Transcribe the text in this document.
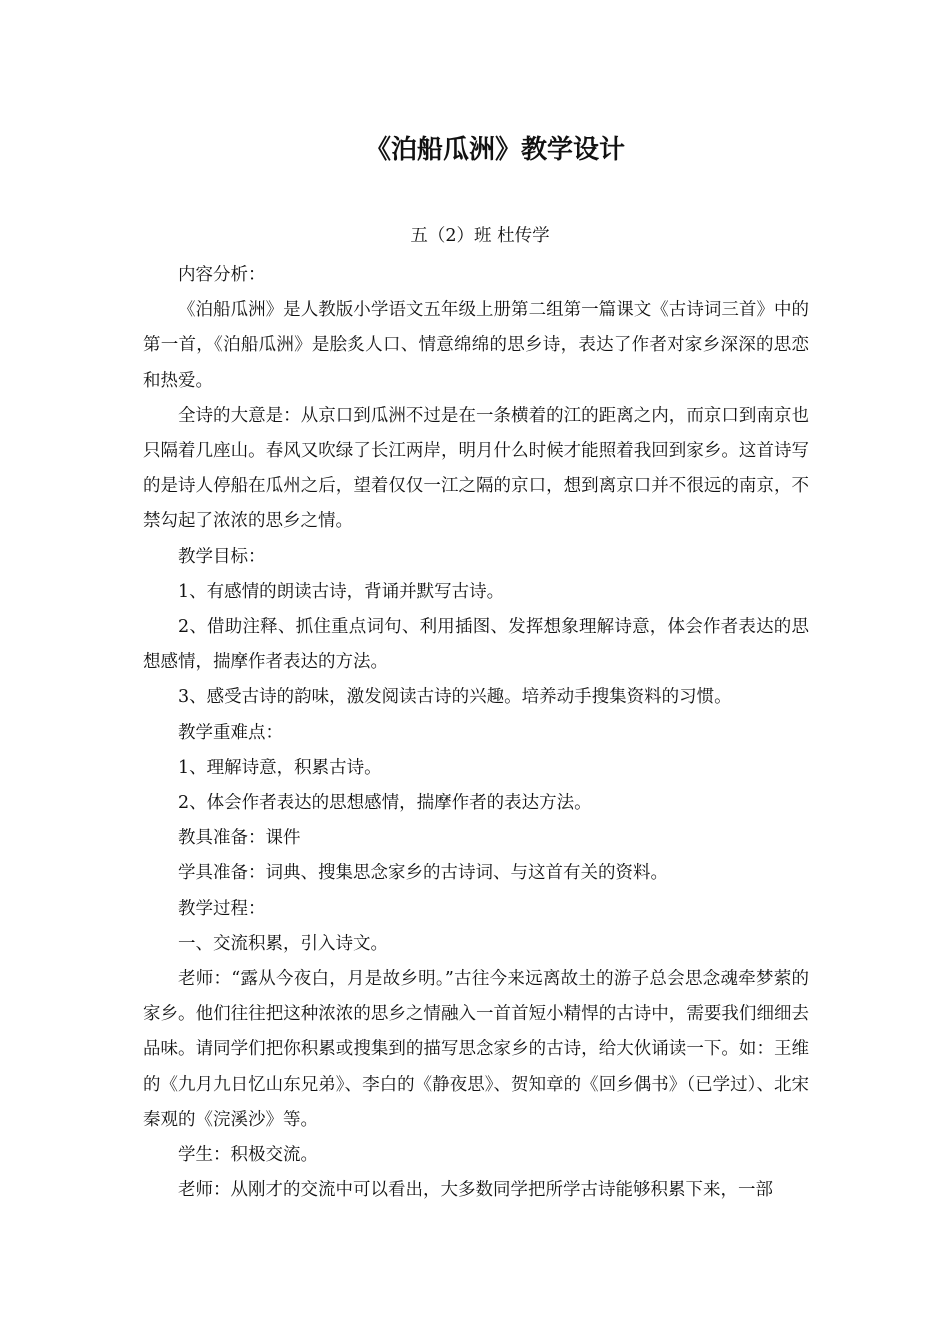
《泊船瓜洲》教学设计
五（2）班 杜传学

内容分析：

《泊船瓜洲》是人教版小学语文五年级上册第二组第一篇课文《古诗词三首》中的第一首，《泊船瓜洲》是脍炙人口、情意绵绵的思乡诗，表达了作者对家乡深深的思恋和热爱。

全诗的大意是：从京口到瓜洲不过是在一条横着的江的距离之内，而京口到南京也只隔着几座山。春风又吹绿了长江两岸，明月什么时候才能照着我回到家乡。这首诗写的是诗人停船在瓜州之后，望着仅仅一江之隔的京口，想到离京口并不很远的南京，不禁勾起了浓浓的思乡之情。

教学目标：

1、有感情的朗读古诗，背诵并默写古诗。

2、借助注释、抓住重点词句、利用插图、发挥想象理解诗意，体会作者表达的思想感情，揣摩作者表达的方法。

3、感受古诗的韵味，激发阅读古诗的兴趣。培养动手搜集资料的习惯。

教学重难点：

1、理解诗意，积累古诗。

2、体会作者表达的思想感情，揣摩作者的表达方法。

教具准备：课件

学具准备：词典、搜集思念家乡的古诗词、与这首有关的资料。

教学过程：

一、交流积累，引入诗文。

老师：“露从今夜白，月是故乡明。”古往今来远离故土的游子总会思念魂牵梦萦的家乡。他们往往把这种浓浓的思乡之情融入一首首短小精悍的古诗中，需要我们细细去品味。请同学们把你积累或搜集到的描写思念家乡的古诗，给大伙诵读一下。如：王维的《九月九日忆山东兄弟》、李白的《静夜思》、贺知章的《回乡偶书》（已学过）、北宋秦观的《浣溪沙》等。

学生：积极交流。

老师：从刚才的交流中可以看出，大多数同学把所学古诗能够积累下来，一部
